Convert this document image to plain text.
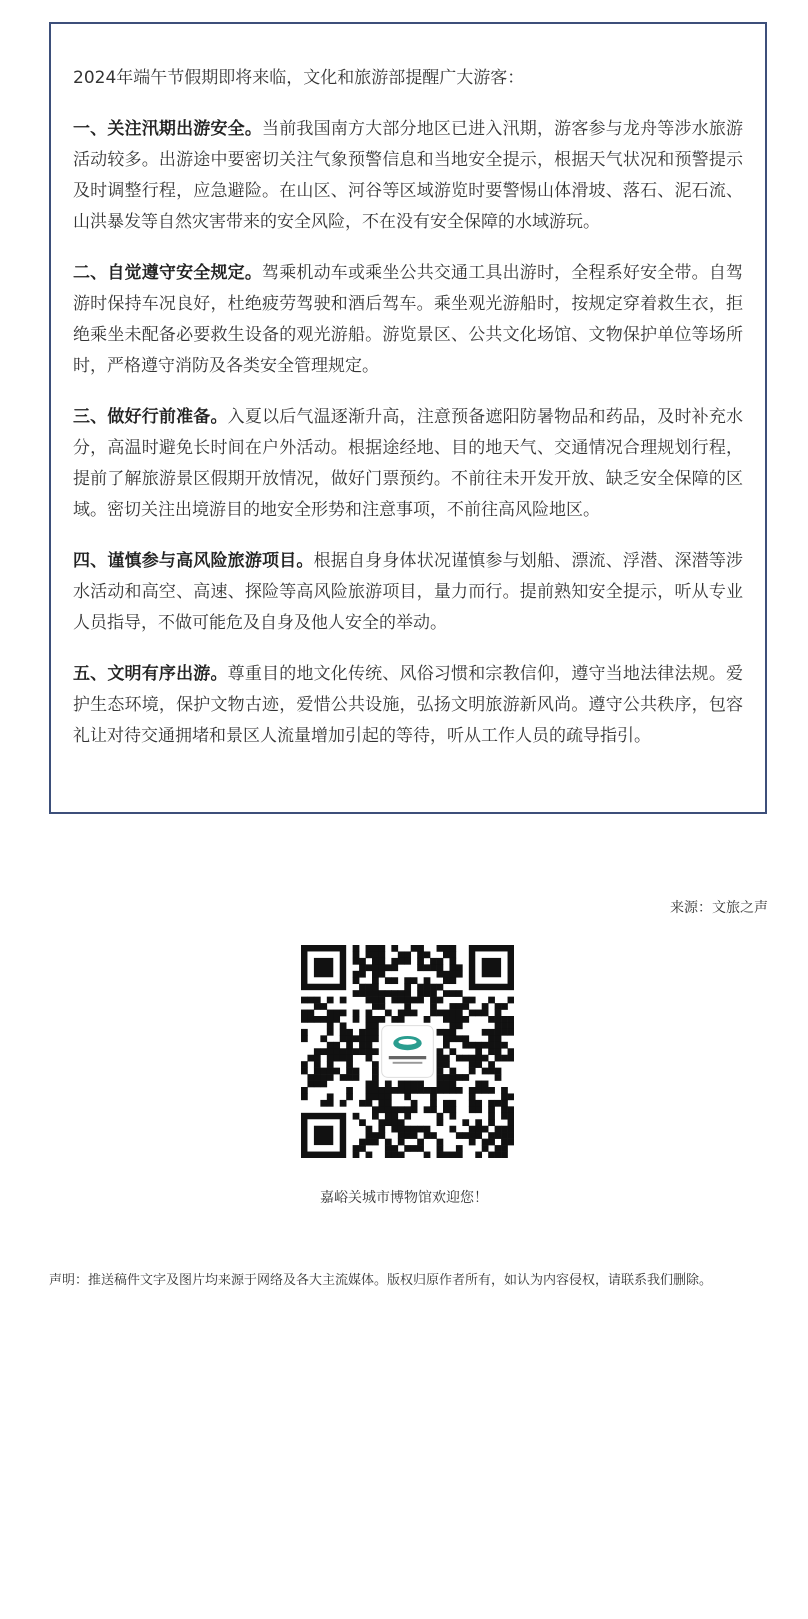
2024年端午节假期即将来临，文化和旅游部提醒广大游客：

一、关注汛期出游安全。当前我国南方大部分地区已进入汛期，游客参与龙舟等涉水旅游活动较多。出游途中要密切关注气象预警信息和当地安全提示，根据天气状况和预警提示及时调整行程，应急避险。在山区、河谷等区域游览时要警惕山体滑坡、落石、泥石流、山洪暴发等自然灾害带来的安全风险，不在没有安全保障的水域游玩。

二、自觉遵守安全规定。驾乘机动车或乘坐公共交通工具出游时，全程系好安全带。自驾游时保持车况良好，杜绝疲劳驾驶和酒后驾车。乘坐观光游船时，按规定穿着救生衣，拒绝乘坐未配备必要救生设备的观光游船。游览景区、公共文化场馆、文物保护单位等场所时，严格遵守消防及各类安全管理规定。

三、做好行前准备。入夏以后气温逐渐升高，注意预备遮阳防暑物品和药品，及时补充水分，高温时避免长时间在户外活动。根据途经地、目的地天气、交通情况合理规划行程，提前了解旅游景区假期开放情况，做好门票预约。不前往未开发开放、缺乏安全保障的区域。密切关注出境游目的地安全形势和注意事项，不前往高风险地区。

四、谨慎参与高风险旅游项目。根据自身身体状况谨慎参与划船、漂流、浮潜、深潜等涉水活动和高空、高速、探险等高风险旅游项目，量力而行。提前熟知安全提示，听从专业人员指导，不做可能危及自身及他人安全的举动。

五、文明有序出游。尊重目的地文化传统、风俗习惯和宗教信仰，遵守当地法律法规。爱护生态环境，保护文物古迹，爱惜公共设施，弘扬文明旅游新风尚。遵守公共秩序，包容礼让对待交通拥堵和景区人流量增加引起的等待，听从工作人员的疏导指引。

来源：文旅之声
嘉峪关城市博物馆欢迎您！
声明：推送稿件文字及图片均来源于网络及各大主流媒体。版权归原作者所有，如认为内容侵权，请联系我们删除。
